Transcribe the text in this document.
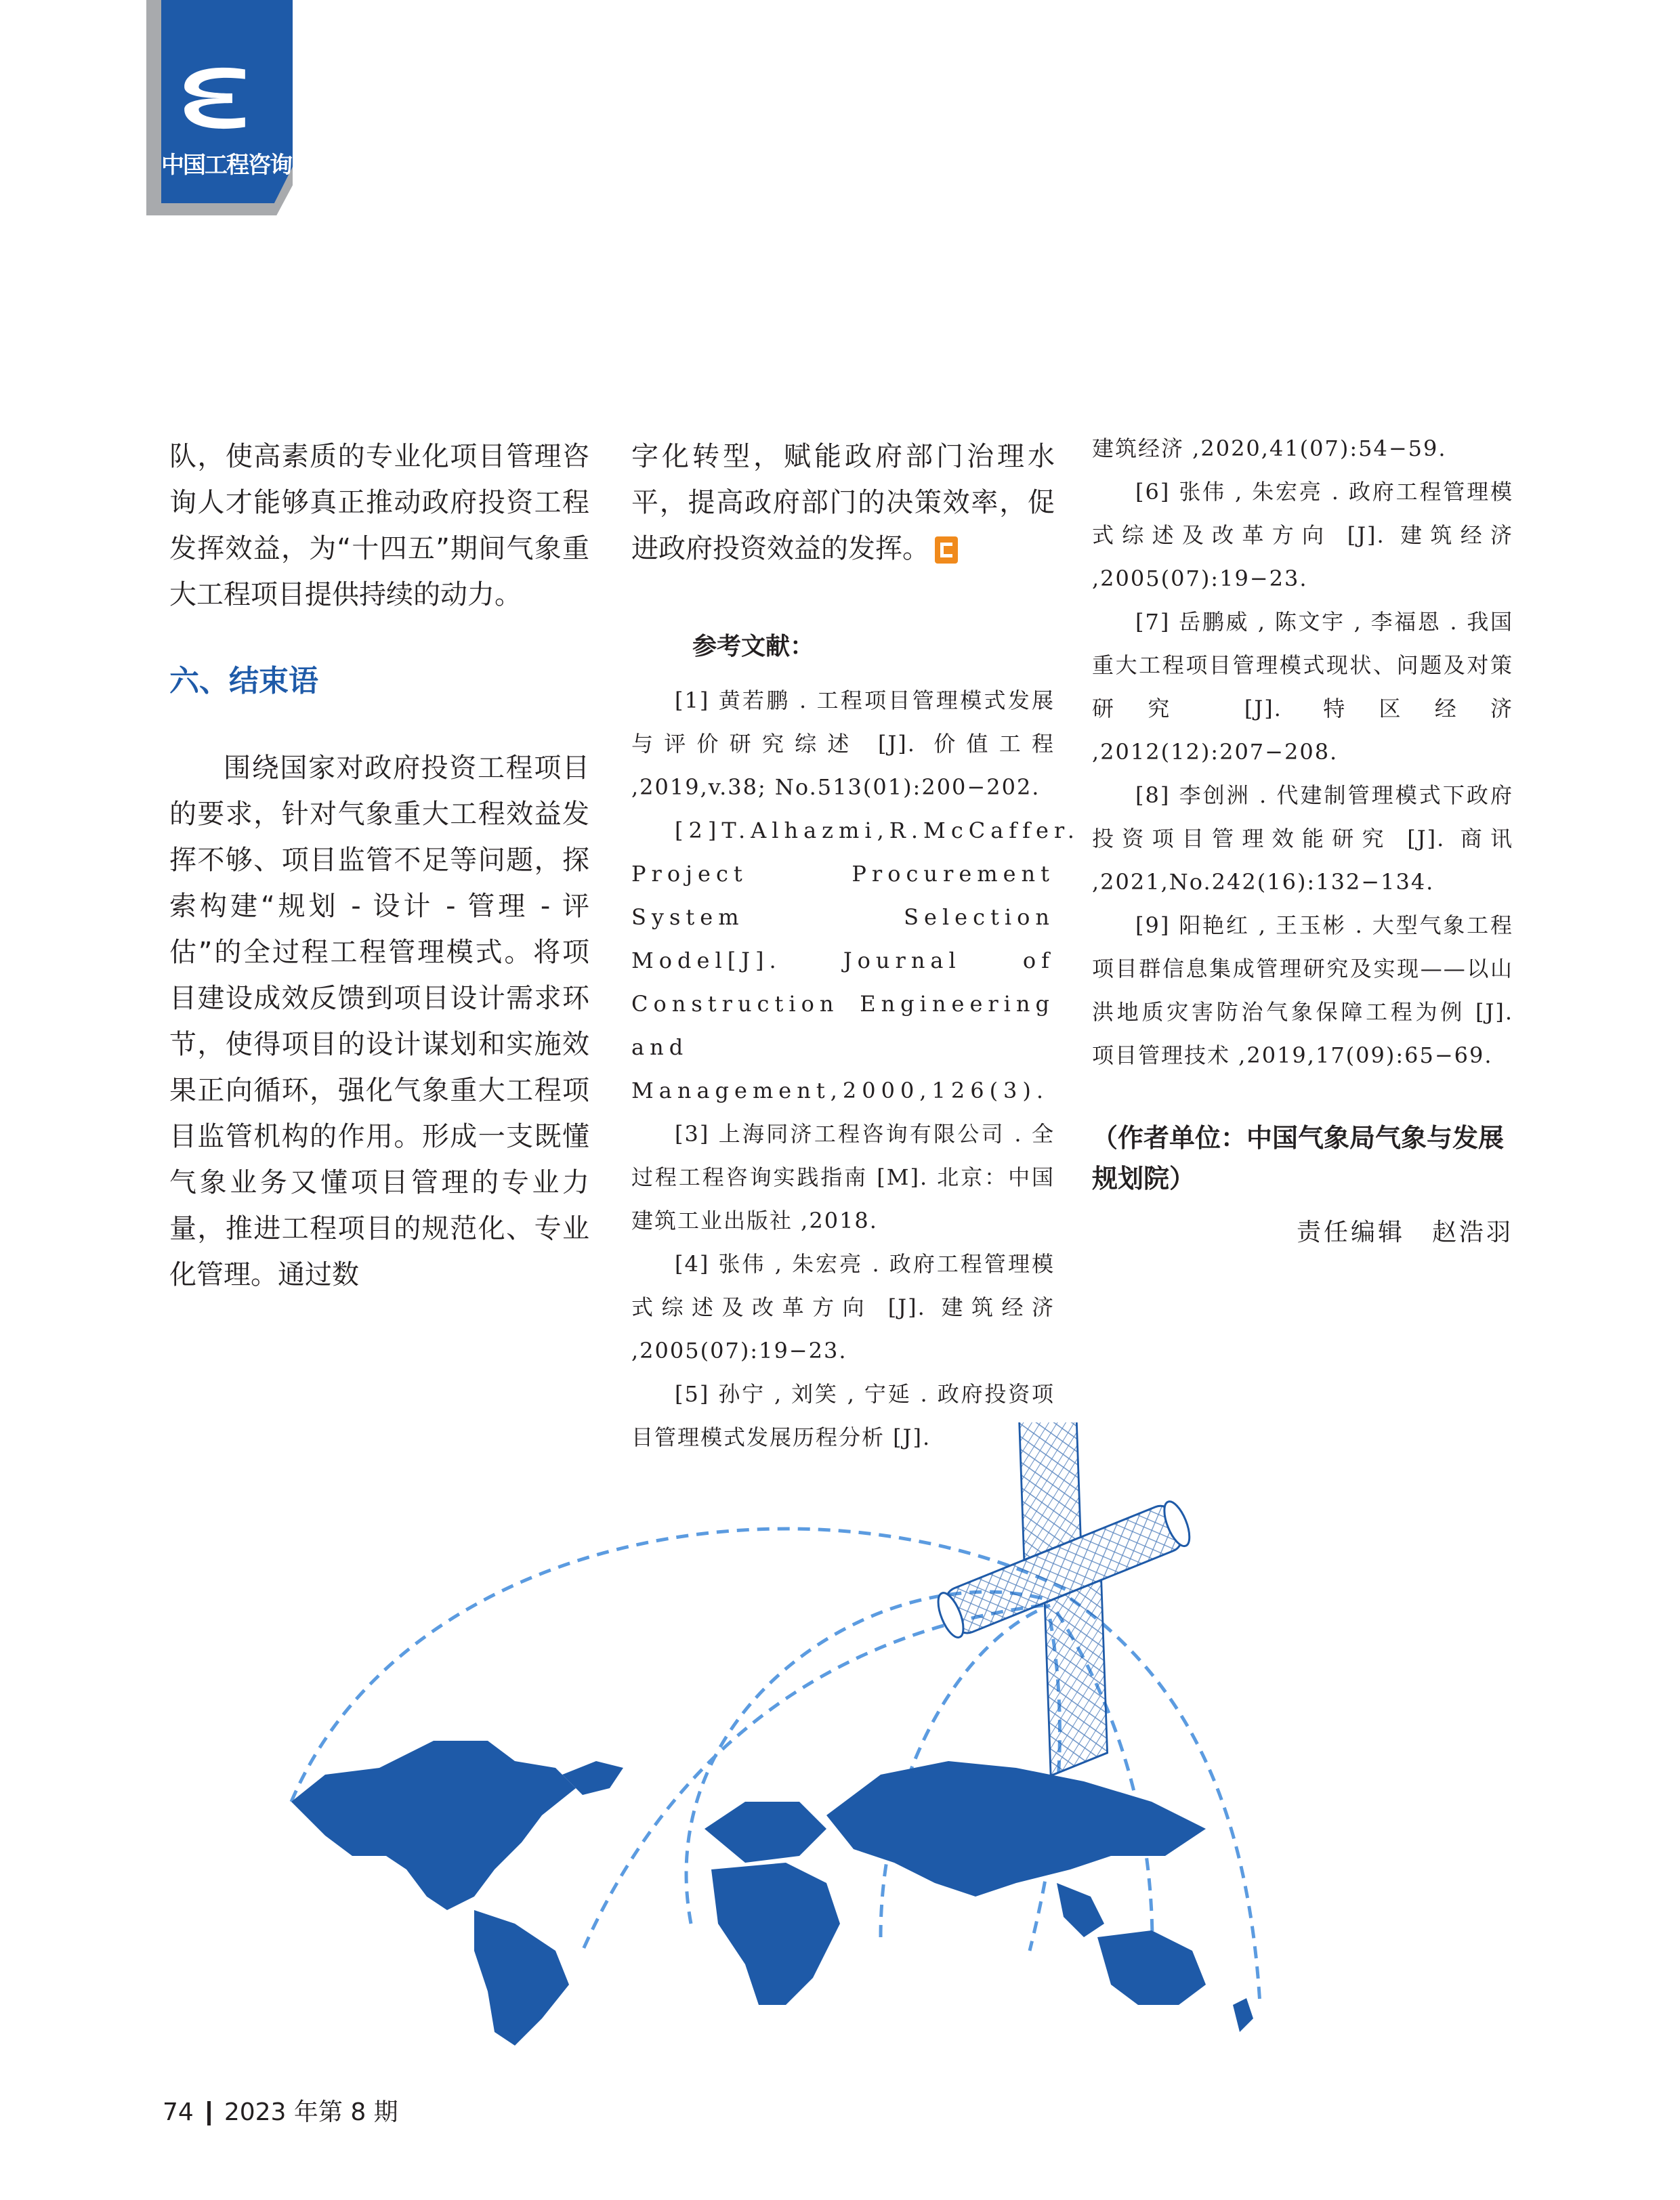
中国工程咨询

队，使高素质的专业化项目管理咨询人才能够真正推动政府投资工程发挥效益，为“十四五”期间气象重大工程项目提供持续的动力。

六、结束语

围绕国家对政府投资工程项目的要求，针对气象重大工程效益发挥不够、项目监管不足等问题，探索构建“规划 - 设计 - 管理 - 评估”的全过程工程管理模式。将项目建设成效反馈到项目设计需求环节，使得项目的设计谋划和实施效果正向循环，强化气象重大工程项目监管机构的作用。形成一支既懂气象业务又懂项目管理的专业力量，推进工程项目的规范化、专业化管理。通过数

字化转型，赋能政府部门治理水平，提高政府部门的决策效率，促进政府投资效益的发挥。

参考文献：

[1] 黄若鹏 . 工程项目管理模式发展与评价研究综述 [J]. 价值工程 ,2019,v.38; No.513(01):200−202.

[2]T.Alhazmi,R.McCaffer. Project Procurement System Selection Model[J]. Journal of Construction Engineering and Management,2000,126(3).

[3] 上海同济工程咨询有限公司 . 全过程工程咨询实践指南 [M]. 北京：中国建筑工业出版社 ,2018.

[4] 张伟 , 朱宏亮 . 政府工程管理模式综述及改革方向 [J]. 建筑经济 ,2005(07):19−23.

[5] 孙宁 , 刘笑 , 宁延 . 政府投资项目管理模式发展历程分析 [J].

建筑经济 ,2020,41(07):54−59.

[6] 张伟 , 朱宏亮 . 政府工程管理模式综述及改革方向 [J]. 建筑经济 ,2005(07):19−23.

[7] 岳鹏威 , 陈文宇 , 李福恩 . 我国重大工程项目管理模式现状、问题及对策研究 [J]. 特区经济 ,2012(12):207−208.

[8] 李创洲 . 代建制管理模式下政府投资项目管理效能研究 [J]. 商讯 ,2021,No.242(16):132−134.

[9] 阳艳红 , 王玉彬 . 大型气象工程项目群信息集成管理研究及实现——以山洪地质灾害防治气象保障工程为例 [J]. 项目管理技术 ,2019,17(09):65−69.

（作者单位：中国气象局气象与发展规划院）

责任编辑　赵浩羽

74 2023 年第 8 期
